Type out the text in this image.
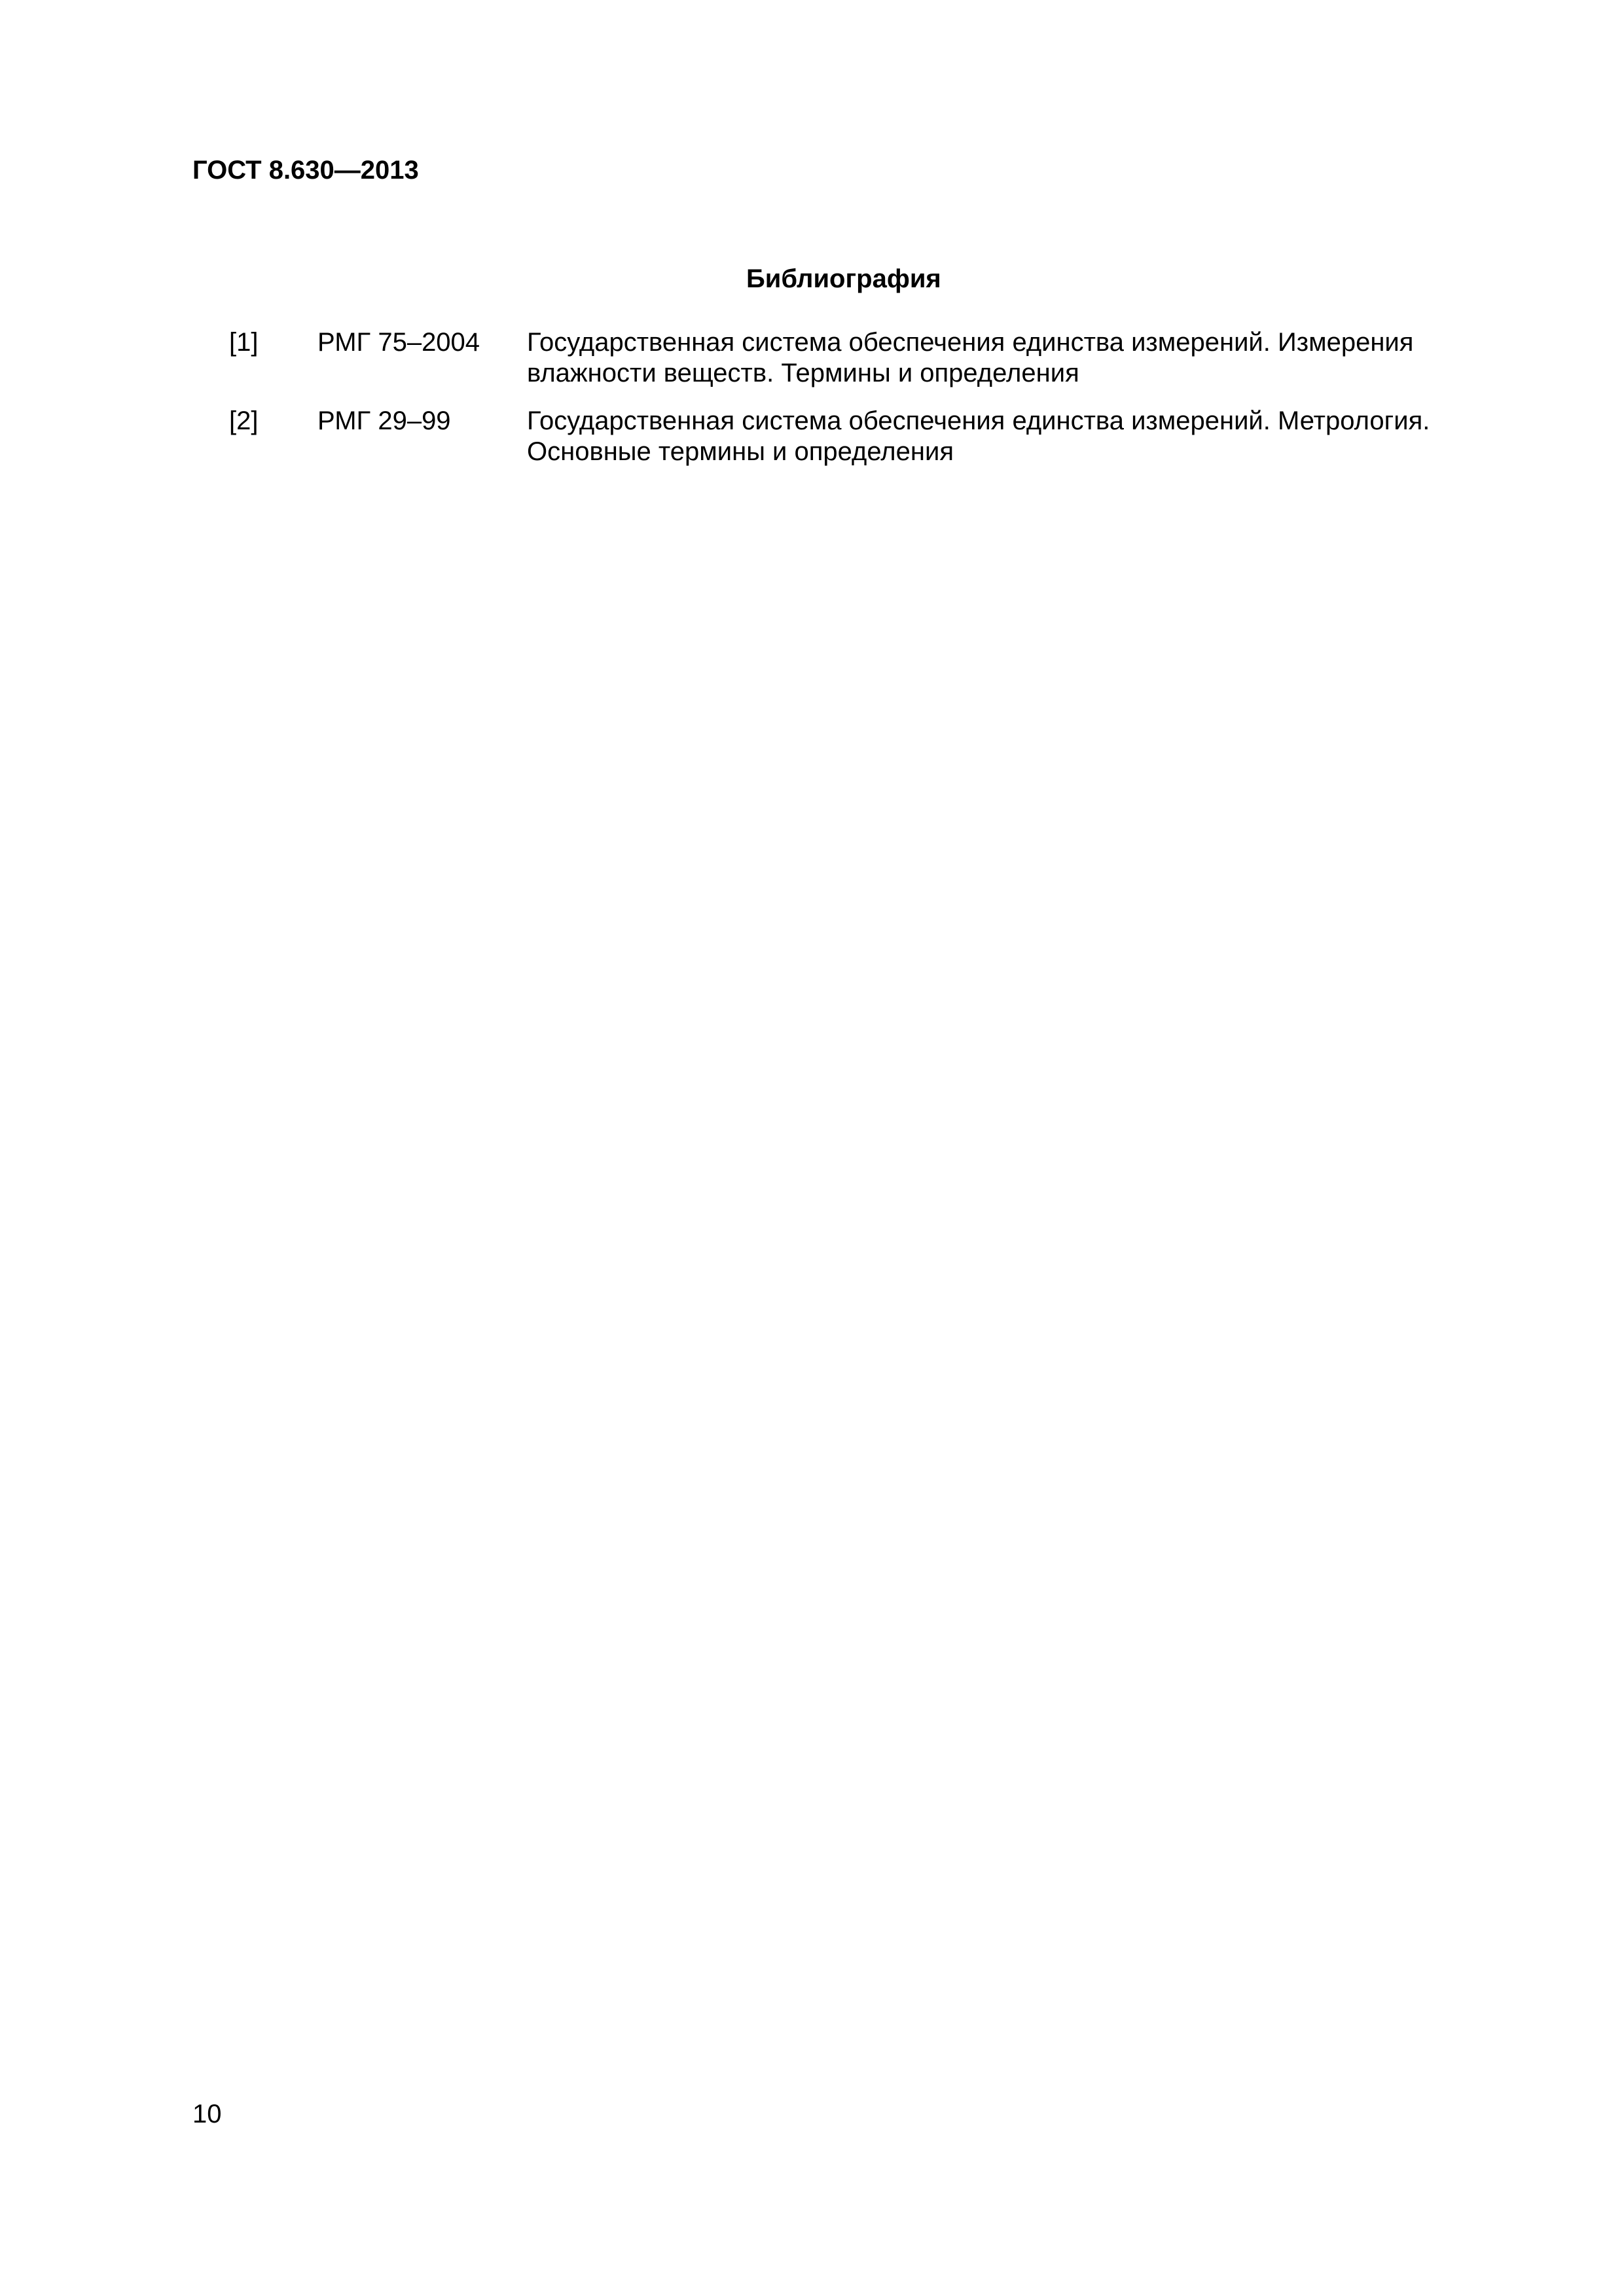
ГОСТ 8.630—2013
Библиография
[1] РМГ 75–2004 Государственная система обеспечения единства измерений. Измерения
влажности веществ. Термины и определения
[2] РМГ 29–99	Государственная система обеспечения единства измерений. Метрология.
Основные термины и определения
10
